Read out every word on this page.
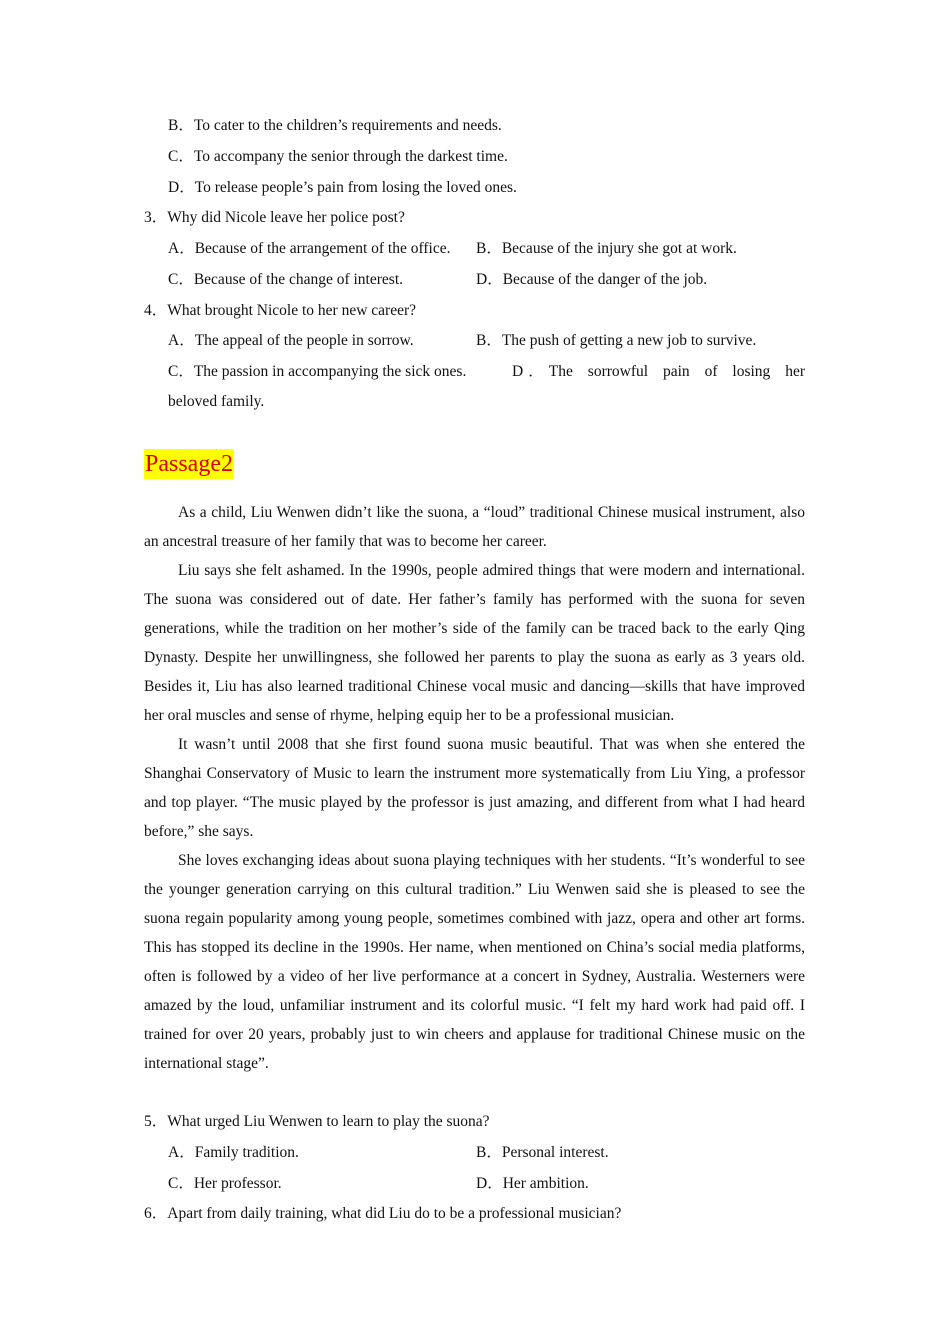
B．To cater to the children’s requirements and needs.
C．To accompany the senior through the darkest time.
D．To release people’s pain from losing the loved ones.
3．Why did Nicole leave her police post?
A．Because of the arrangement of the office. B．Because of the injury she got at work.
C．Because of the change of interest.	D．Because of the danger of the job.
4．What brought Nicole to her new career?
A．The appeal of the people in sorrow.	B．The push of getting a new job to survive.
C．The passion in accompanying the sick ones.	D．The sorrowful pain of losing her
beloved family.
Passage2

As a child, Liu Wenwen didn’t like the suona, a “loud” traditional Chinese musical instrument, also an ancestral treasure of her family that was to become her career.

Liu says she felt ashamed. In the 1990s, people admired things that were modern and international. The suona was considered out of date. Her father’s family has performed with the suona for seven generations, while the tradition on her mother’s side of the family can be traced back to the early Qing Dynasty. Despite her unwillingness, she followed her parents to play the suona as early as 3 years old. Besides it, Liu has also learned traditional Chinese vocal music and dancing—skills that have improved her oral muscles and sense of rhyme, helping equip her to be a professional musician.

It wasn’t until 2008 that she first found suona music beautiful. That was when she entered the Shanghai Conservatory of Music to learn the instrument more systematically from Liu Ying, a professor and top player. “The music played by the professor is just amazing, and different from what I had heard before,” she says.

She loves exchanging ideas about suona playing techniques with her students. “It’s wonderful to see the younger generation carrying on this cultural tradition.” Liu Wenwen said she is pleased to see the suona regain popularity among young people, sometimes combined with jazz, opera and other art forms. This has stopped its decline in the 1990s. Her name, when mentioned on China’s social media platforms, often is followed by a video of her live performance at a concert in Sydney, Australia. Westerners were amazed by the loud, unfamiliar instrument and its colorful music. “I felt my hard work had paid off. I trained for over 20 years, probably just to win cheers and applause for traditional Chinese music on the international stage”.

5．What urged Liu Wenwen to learn to play the suona?
A．Family tradition.	B．Personal interest.
C．Her professor.	D．Her ambition.
6．Apart from daily training, what did Liu do to be a professional musician?
